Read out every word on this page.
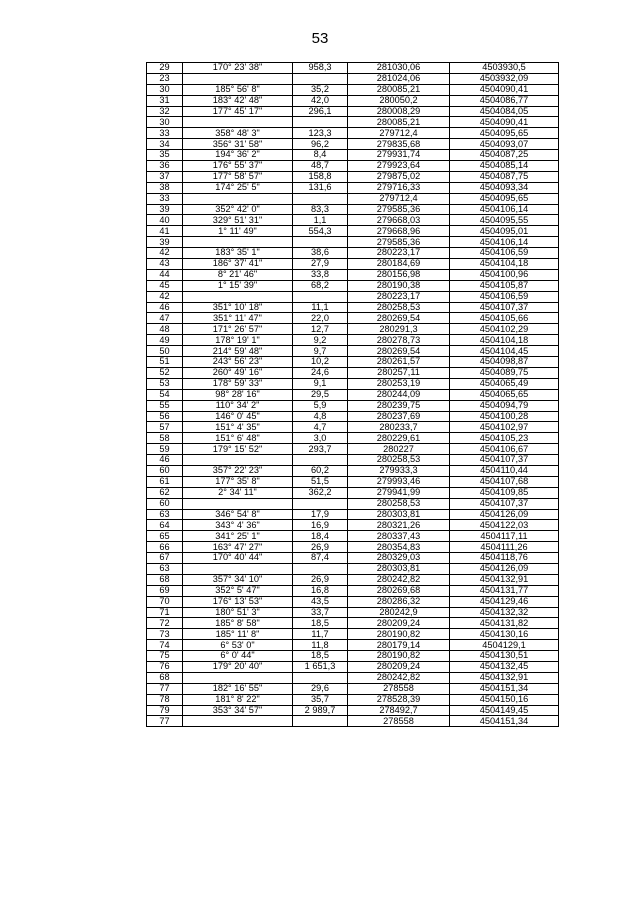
53
29	170° 23' 38"	958,3	281030,06	4503930,5
23			281024,06	4503932,09
30	185° 56' 8"	35,2	280085,21	4504090,41
31	183° 42' 48"	42,0	280050,2	4504086,77
32	177° 45' 17"	296,1	280008,29	4504084,05
30			280085,21	4504090,41
33	358° 48' 3"	123,3	279712,4	4504095,65
34	356° 31' 58"	96,2	279835,68	4504093,07
35	194° 36' 2"	8,4	279931,74	4504087,25
36	176° 55' 37"	48,7	279923,64	4504085,14
37	177° 58' 57"	158,8	279875,02	4504087,75
38	174° 25' 5"	131,6	279716,33	4504093,34
33			279712,4	4504095,65
39	352° 42' 0"	83,3	279585,36	4504106,14
40	329° 51' 31"	1,1	279668,03	4504095,55
41	1° 11' 49"	554,3	279668,96	4504095,01
39			279585,36	4504106,14
42	183° 35' 1"	38,6	280223,17	4504106,59
43	186° 37' 41"	27,9	280184,69	4504104,18
44	8° 21' 46"	33,8	280156,98	4504100,96
45	1° 15' 39"	68,2	280190,38	4504105,87
42			280223,17	4504106,59
46	351° 10' 18"	11,1	280258,53	4504107,37
47	351° 11' 47"	22,0	280269,54	4504105,66
48	171° 26' 57"	12,7	280291,3	4504102,29
49	178° 19' 1"	9,2	280278,73	4504104,18
50	214° 59' 48"	9,7	280269,54	4504104,45
51	243° 56' 23"	10,2	280261,57	4504098,87
52	260° 49' 16"	24,6	280257,11	4504089,75
53	178° 59' 33"	9,1	280253,19	4504065,49
54	98° 28' 16"	29,5	280244,09	4504065,65
55	110° 34' 2"	5,9	280239,75	4504094,79
56	146° 0' 45"	4,8	280237,69	4504100,28
57	151° 4' 35"	4,7	280233,7	4504102,97
58	151° 6' 48"	3,0	280229,61	4504105,23
59	179° 15' 52"	293,7	280227	4504106,67
46			280258,53	4504107,37
60	357° 22' 23"	60,2	279933,3	4504110,44
61	177° 35' 8"	51,5	279993,46	4504107,68
62	2° 34' 11"	362,2	279941,99	4504109,85
60			280258,53	4504107,37
63	346° 54' 8"	17,9	280303,81	4504126,09
64	343° 4' 36"	16,9	280321,26	4504122,03
65	341° 25' 1"	18,4	280337,43	4504117,11
66	163° 47' 27"	26,9	280354,83	4504111,26
67	170° 40' 44"	87,4	280329,03	4504118,76
63			280303,81	4504126,09
68	357° 34' 10"	26,9	280242,82	4504132,91
69	352° 5' 47"	16,8	280269,68	4504131,77
70	176° 13' 53"	43,5	280286,32	4504129,46
71	180° 51' 3"	33,7	280242,9	4504132,32
72	185° 8' 58"	18,5	280209,24	4504131,82
73	185° 11' 8"	11,7	280190,82	4504130,16
74	6° 53' 0"	11,8	280179,14	4504129,1
75	6° 0' 44"	18,5	280190,82	4504130,51
76	179° 20' 40"	1 651,3	280209,24	4504132,45
68			280242,82	4504132,91
77	182° 16' 55"	29,6	278558	4504151,34
78	181° 8' 22"	35,7	278528,39	4504150,16
79	353° 34' 57"	2 989,7	278492,7	4504149,45
77			278558	4504151,34
